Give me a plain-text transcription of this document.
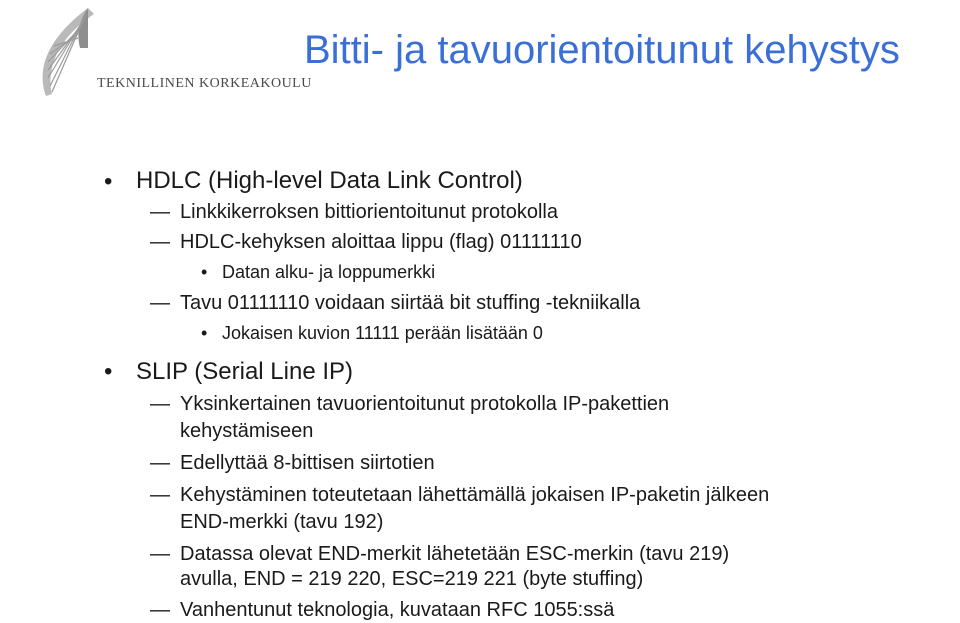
TEKNILLINEN KORKEAKOULU
Bitti- ja tavuorientoitunut kehystys
• HDLC (High-level Data Link Control)
— Linkkikerroksen bittiorientoitunut protokolla
— HDLC-kehyksen aloittaa lippu (flag) 01111110
• Datan alku- ja loppumerkki
— Tavu 01111110 voidaan siirtää bit stuffing -tekniikalla
• Jokaisen kuvion 11111 perään lisätään 0
• SLIP (Serial Line IP)
— Yksinkertainen tavuorientoitunut protokolla IP-pakettien
kehystämiseen
— Edellyttää 8-bittisen siirtotien
— Kehystäminen toteutetaan lähettämällä jokaisen IP-paketin jälkeen
END-merkki (tavu 192)
— Datassa olevat END-merkit lähetetään ESC-merkin (tavu 219)
avulla, END = 219 220, ESC=219 221 (byte stuffing)
— Vanhentunut teknologia, kuvataan RFC 1055:ssä
